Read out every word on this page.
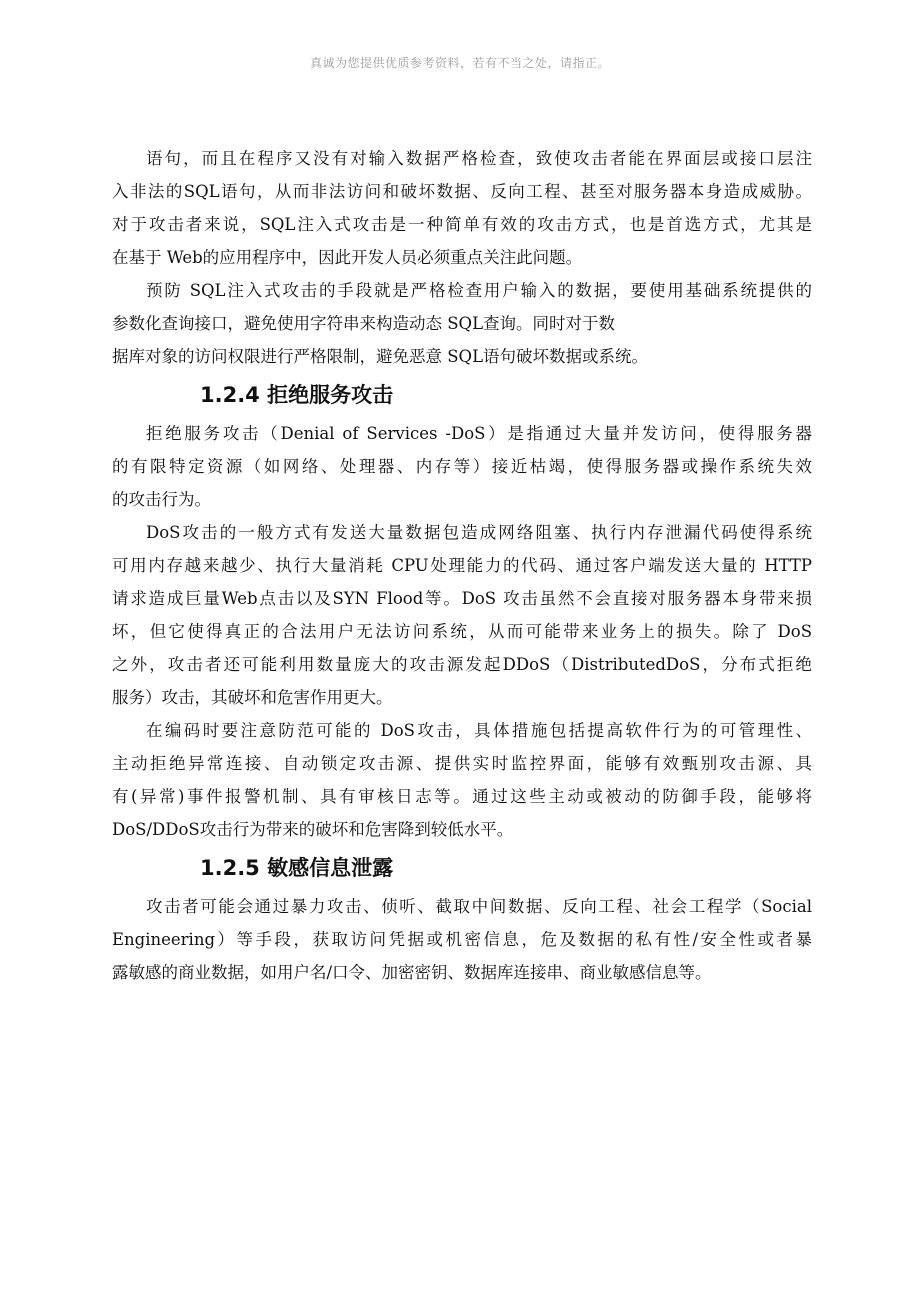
真诚为您提供优质参考资料，若有不当之处，请指正。
语句，而且在程序又没有对输入数据严格检查，致使攻击者能在界面层或接口层注
入非法的SQL语句，从而非法访问和破坏数据、反向工程、甚至对服务器本身造成威胁。
对于攻击者来说，SQL注入式攻击是一种简单有效的攻击方式，也是首选方式，尤其是
在基于 Web的应用程序中，因此开发人员必须重点关注此问题。
预防 SQL注入式攻击的手段就是严格检查用户输入的数据，要使用基础系统提供的
参数化查询接口，避免使用字符串来构造动态 SQL查询。同时对于数
据库对象的访问权限进行严格限制，避免恶意 SQL语句破坏数据或系统。
1.2.4 拒绝服务攻击
拒绝服务攻击（Denial of Services -DoS）是指通过大量并发访问，使得服务器
的有限特定资源（如网络、处理器、内存等）接近枯竭，使得服务器或操作系统失效
的攻击行为。
DoS攻击的一般方式有发送大量数据包造成网络阻塞、执行内存泄漏代码使得系统
可用内存越来越少、执行大量消耗 CPU处理能力的代码、通过客户端发送大量的 HTTP
请求造成巨量Web点击以及SYN Flood等。DoS 攻击虽然不会直接对服务器本身带来损
坏，但它使得真正的合法用户无法访问系统，从而可能带来业务上的损失。除了 DoS
之外，攻击者还可能利用数量庞大的攻击源发起DDoS（DistributedDoS，分布式拒绝
服务）攻击，其破坏和危害作用更大。
在编码时要注意防范可能的 DoS攻击，具体措施包括提高软件行为的可管理性、
主动拒绝异常连接、自动锁定攻击源、提供实时监控界面，能够有效甄别攻击源、具
有(异常)事件报警机制、具有审核日志等。通过这些主动或被动的防御手段，能够将
DoS/DDoS攻击行为带来的破坏和危害降到较低水平。
1.2.5 敏感信息泄露
攻击者可能会通过暴力攻击、侦听、截取中间数据、反向工程、社会工程学（Social
Engineering）等手段，获取访问凭据或机密信息，危及数据的私有性/安全性或者暴
露敏感的商业数据，如用户名/口令、加密密钥、数据库连接串、商业敏感信息等。
